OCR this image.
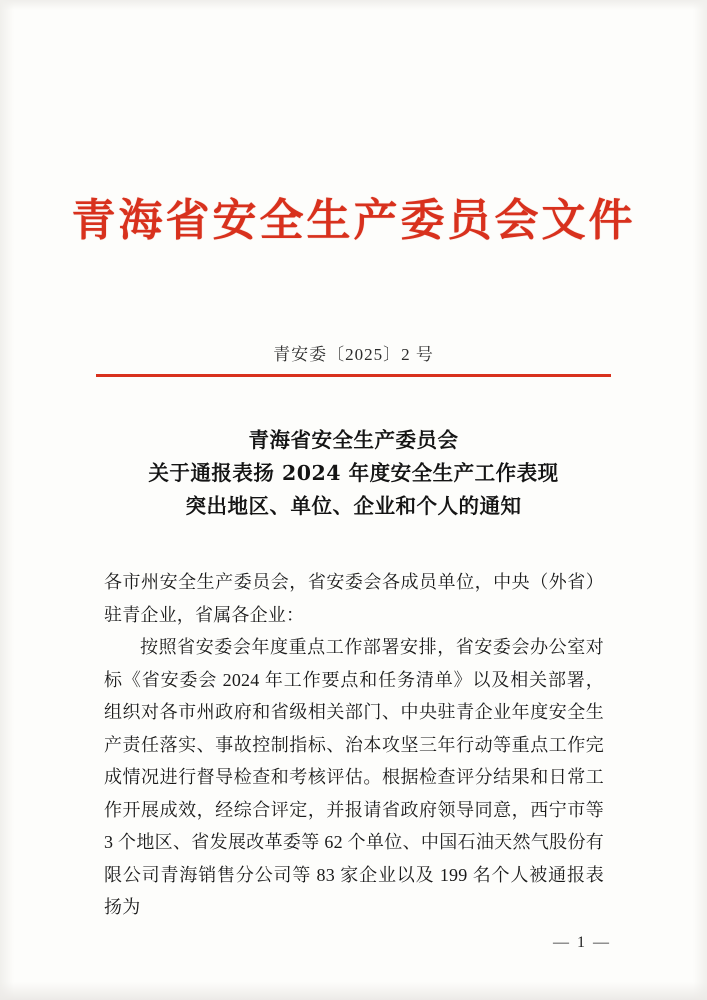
青海省安全生产委员会文件
青安委〔2025〕2 号
青海省安全生产委员会
关于通报表扬 2024 年度安全生产工作表现
突出地区、单位、企业和个人的通知

各市州安全生产委员会，省安委会各成员单位，中央（外省）驻青企业，省属各企业：

按照省安委会年度重点工作部署安排，省安委会办公室对标《省安委会 2024 年工作要点和任务清单》以及相关部署，组织对各市州政府和省级相关部门、中央驻青企业年度安全生产责任落实、事故控制指标、治本攻坚三年行动等重点工作完成情况进行督导检查和考核评估。根据检查评分结果和日常工作开展成效，经综合评定，并报请省政府领导同意，西宁市等 3 个地区、省发展改革委等 62 个单位、中国石油天然气股份有限公司青海销售分公司等 83 家企业以及 199 名个人被通报表扬为

— 1 —
